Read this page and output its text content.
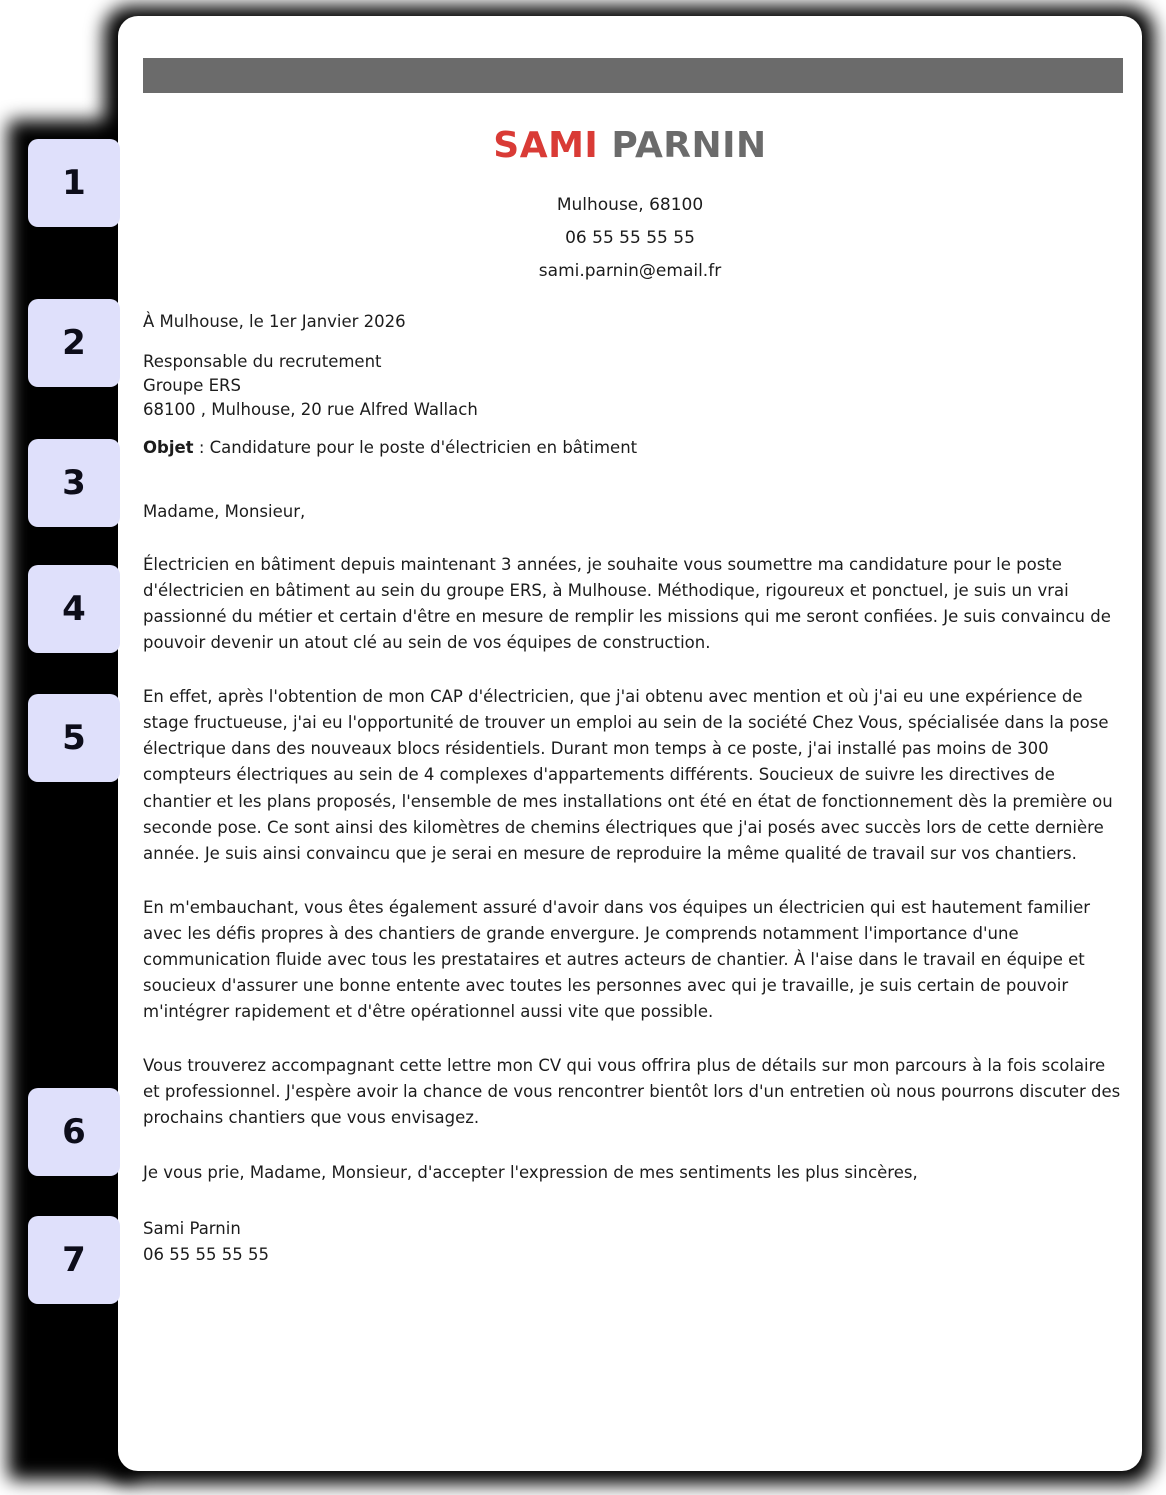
1
2
3
4
5
6
7
SAMI PARNIN
Mulhouse, 68100
06 55 55 55 55
sami.parnin@email.fr
À Mulhouse, le 1er Janvier 2026
Responsable du recrutement
Groupe ERS
68100 , Mulhouse, 20 rue Alfred Wallach
Objet : Candidature pour le poste d'électricien en bâtiment
Madame, Monsieur,
Électricien en bâtiment depuis maintenant 3 années, je souhaite vous soumettre ma candidature pour le poste d'électricien en bâtiment au sein du groupe ERS, à Mulhouse. Méthodique, rigoureux et ponctuel, je suis un vrai passionné du métier et certain d'être en mesure de remplir les missions qui me seront confiées. Je suis convaincu de pouvoir devenir un atout clé au sein de vos équipes de construction.
En effet, après l'obtention de mon CAP d'électricien, que j'ai obtenu avec mention et où j'ai eu une expérience de stage fructueuse, j'ai eu l'opportunité de trouver un emploi au sein de la société Chez Vous, spécialisée dans la pose électrique dans des nouveaux blocs résidentiels. Durant mon temps à ce poste, j'ai installé pas moins de 300 compteurs électriques au sein de 4 complexes d'appartements différents. Soucieux de suivre les directives de chantier et les plans proposés, l'ensemble de mes installations ont été en état de fonctionnement dès la première ou seconde pose. Ce sont ainsi des kilomètres de chemins électriques que j'ai posés avec succès lors de cette dernière année. Je suis ainsi convaincu que je serai en mesure de reproduire la même qualité de travail sur vos chantiers.
En m'embauchant, vous êtes également assuré d'avoir dans vos équipes un électricien qui est hautement familier avec les défis propres à des chantiers de grande envergure. Je comprends notamment l'importance d'une communication fluide avec tous les prestataires et autres acteurs de chantier. À l'aise dans le travail en équipe et soucieux d'assurer une bonne entente avec toutes les personnes avec qui je travaille, je suis certain de pouvoir m'intégrer rapidement et d'être opérationnel aussi vite que possible.
Vous trouverez accompagnant cette lettre mon CV qui vous offrira plus de détails sur mon parcours à la fois scolaire et professionnel. J'espère avoir la chance de vous rencontrer bientôt lors d'un entretien où nous pourrons discuter des prochains chantiers que vous envisagez.
Je vous prie, Madame, Monsieur, d'accepter l'expression de mes sentiments les plus sincères,
Sami Parnin
06 55 55 55 55
